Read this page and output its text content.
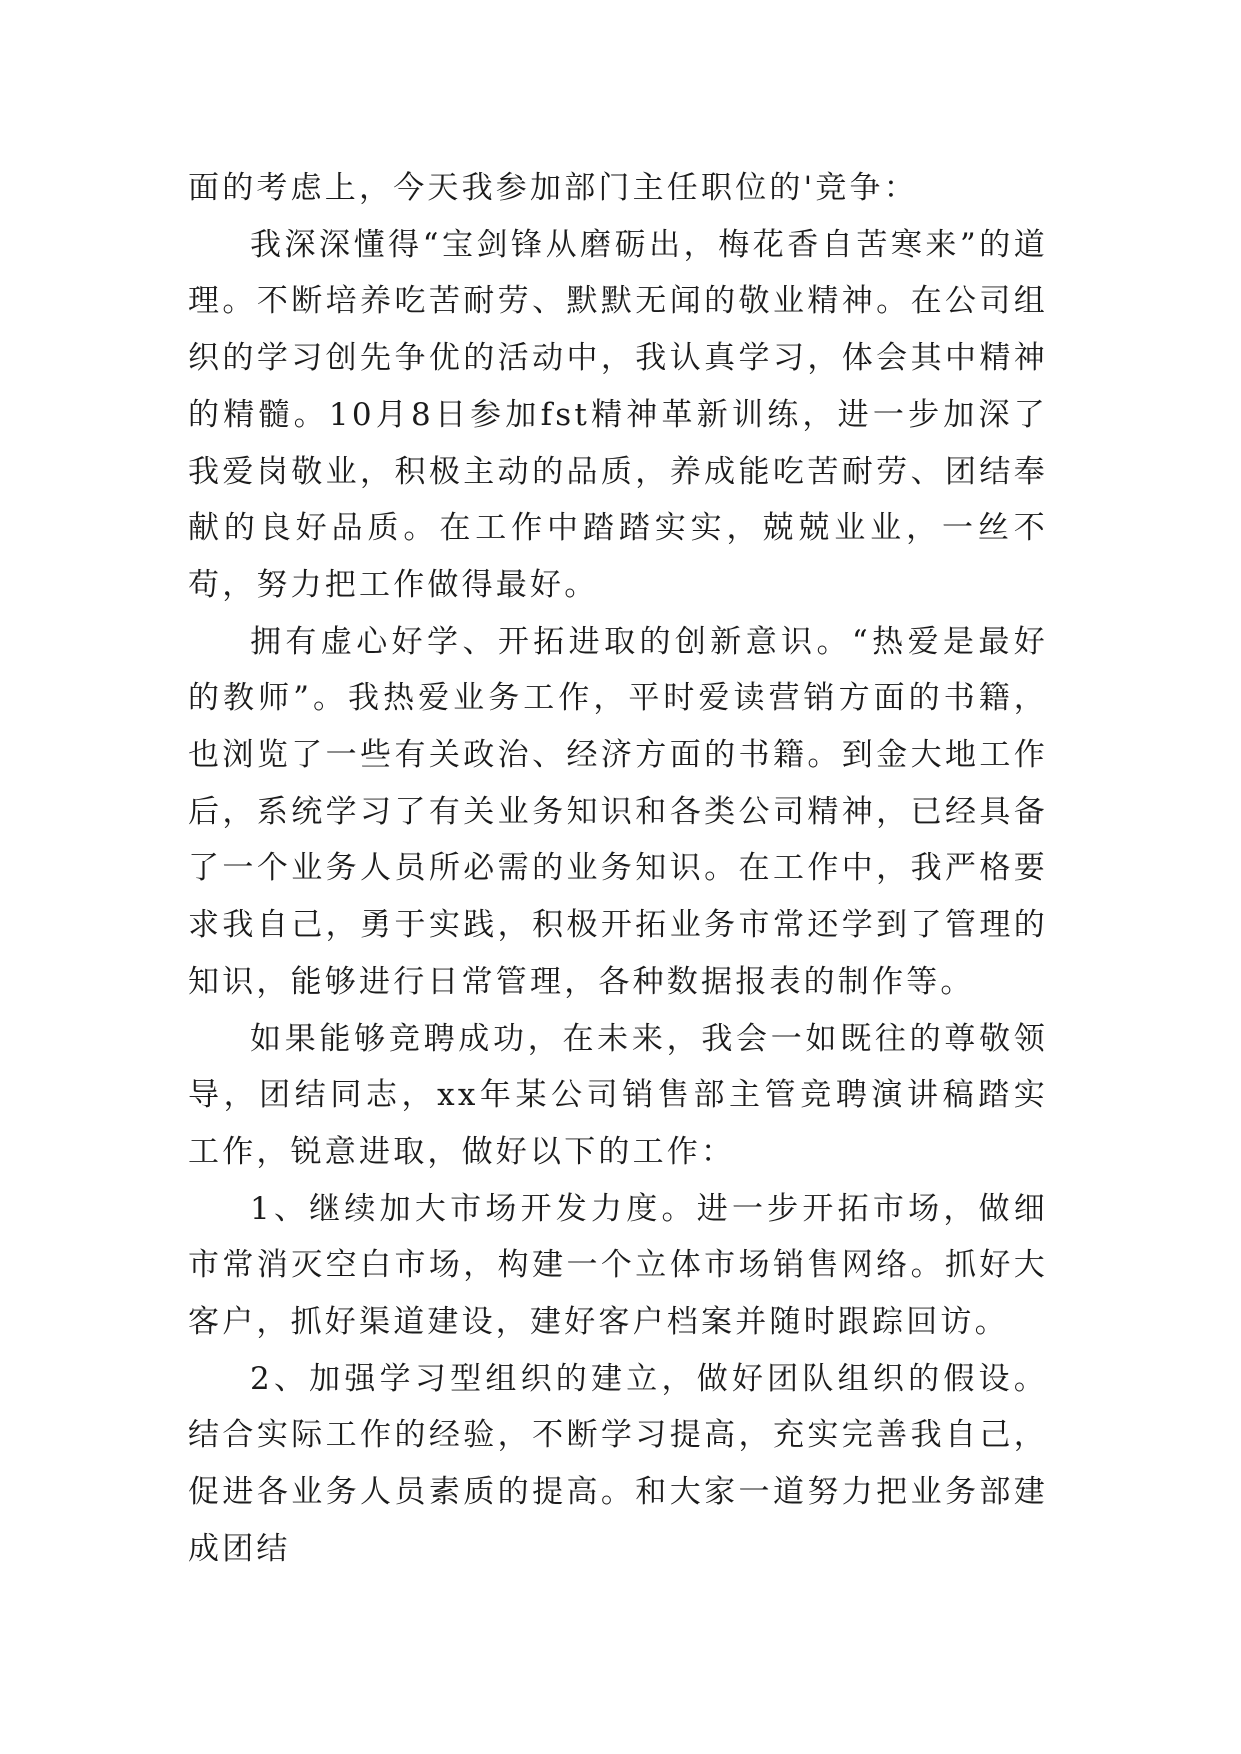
面的考虑上，今天我参加部门主任职位的'竞争：

我深深懂得“宝剑锋从磨砺出，梅花香自苦寒来”的道理。不断培养吃苦耐劳、默默无闻的敬业精神。在公司组织的学习创先争优的活动中，我认真学习，体会其中精神的精髓。10月8日参加fst精神革新训练，进一步加深了我爱岗敬业，积极主动的品质，养成能吃苦耐劳、团结奉献的良好品质。在工作中踏踏实实，兢兢业业，一丝不苟，努力把工作做得最好。

拥有虚心好学、开拓进取的创新意识。“热爱是最好的教师”。我热爱业务工作，平时爱读营销方面的书籍，也浏览了一些有关政治、经济方面的书籍。到金大地工作后，系统学习了有关业务知识和各类公司精神，已经具备了一个业务人员所必需的业务知识。在工作中，我严格要求我自己，勇于实践，积极开拓业务市常还学到了管理的知识，能够进行日常管理，各种数据报表的制作等。

如果能够竞聘成功，在未来，我会一如既往的尊敬领导，团结同志，xx年某公司销售部主管竞聘演讲稿踏实工作，锐意进取，做好以下的工作：

1、继续加大市场开发力度。进一步开拓市场，做细市常消灭空白市场，构建一个立体市场销售网络。抓好大客户，抓好渠道建设，建好客户档案并随时跟踪回访。

2、加强学习型组织的建立，做好团队组织的假设。结合实际工作的经验，不断学习提高，充实完善我自己，促进各业务人员素质的提高。和大家一道努力把业务部建成团结
